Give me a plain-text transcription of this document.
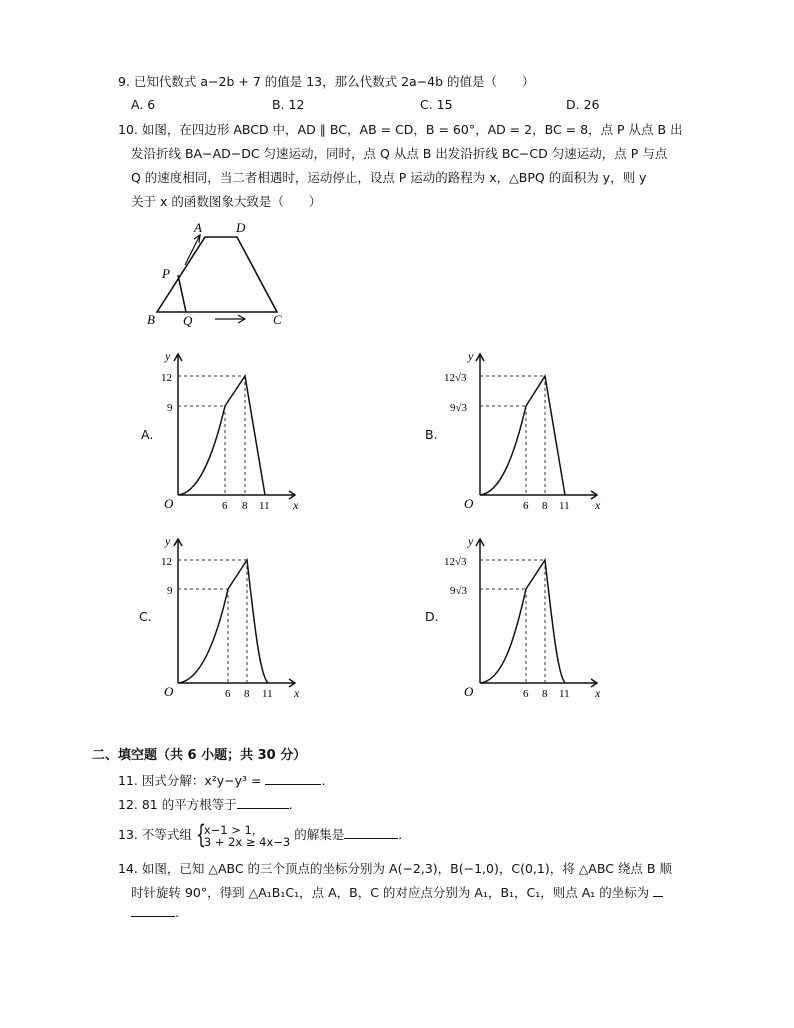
9. 已知代数式 a−2b + 7 的值是 13，那么代数式 2a−4b 的值是（　　）
A. 6	B. 12	C. 15	D. 26
10. 如图，在四边形 ABCD 中，AD ∥ BC，AB = CD，B = 60°，AD = 2，BC = 8，点 P 从点 B 出
发沿折线 BA−AD−DC 匀速运动，同时，点 Q 从点 B 出发沿折线 BC−CD 匀速运动，点 P 与点
Q 的速度相同，当二者相遇时，运动停止，设点 P 运动的路程为 x，△BPQ 的面积为 y，则 y
关于 x 的函数图象大致是（　　）
A	D
P
B Q	C
A.
y
12
9
O	6 8 11 x
B.
y
12√3
9√3
O	6 8 11 x
C.
y
12
9
O	6 8 11 x
D.
y
12√3
9√3
O	6 8 11 x
二、填空题（共 6 小题；共 30 分）
11. 因式分解：x²y−y³ =	.
12. 81 的平方根等于	.
13. 不等式组 {
x−1 > 1,
3 + 2x ≥ 4x−3 的解集是	.
14. 如图，已知 △ABC 的三个顶点的坐标分别为 A(−2,3)，B(−1,0)，C(0,1)，将 △ABC 绕点 B 顺
时针旋转 90°，得到 △A₁B₁C₁，点 A，B，C 的对应点分别为 A₁，B₁，C₁，则点 A₁ 的坐标为
.
